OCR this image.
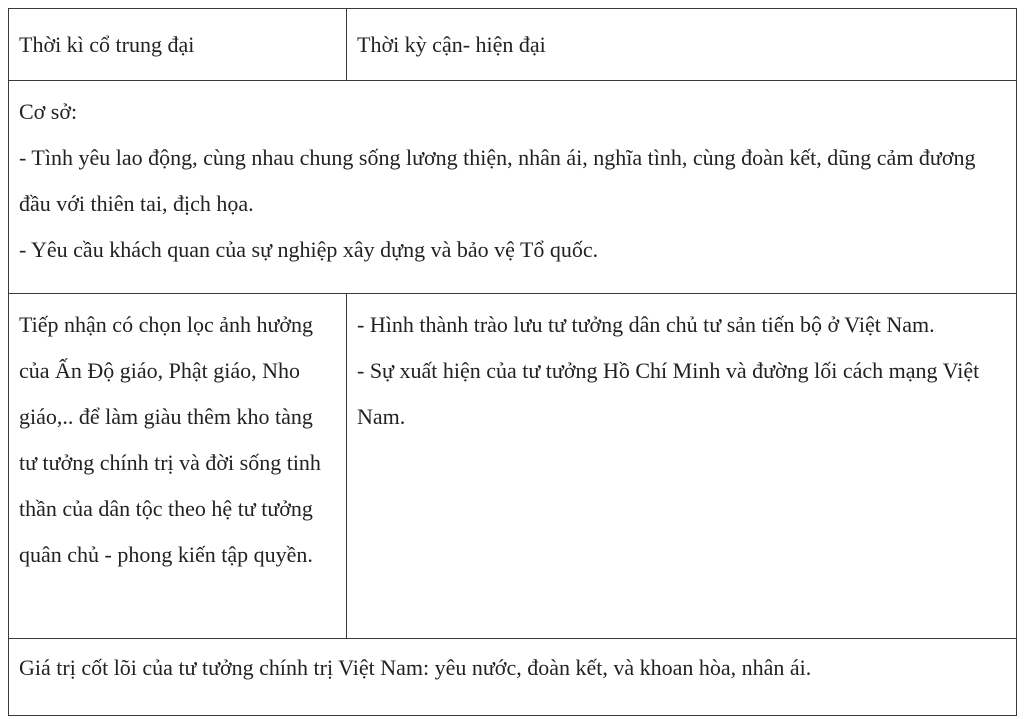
Thời kì cổ trung đại	Thời kỳ cận- hiện đại

Cơ sở:
- Tình yêu lao động, cùng nhau chung sống lương thiện, nhân ái, nghĩa tình, cùng đoàn kết, dũng cảm đương đầu với thiên tai, địch họa.
- Yêu cầu khách quan của sự nghiệp xây dựng và bảo vệ Tổ quốc.	

Tiếp nhận có chọn lọc ảnh hưởng của Ấn Độ giáo, Phật giáo, Nho giáo,.. để làm giàu thêm kho tàng tư tưởng chính trị và đời sống tinh thần của dân tộc theo hệ tư tưởng quân chủ - phong kiến tập quyền.	- Hình thành trào lưu tư tưởng dân chủ tư sản tiến bộ ở Việt Nam.
- Sự xuất hiện của tư tưởng Hồ Chí Minh và đường lối cách mạng Việt Nam.

Giá trị cốt lõi của tư tưởng chính trị Việt Nam: yêu nước, đoàn kết, và khoan hòa, nhân ái.	
